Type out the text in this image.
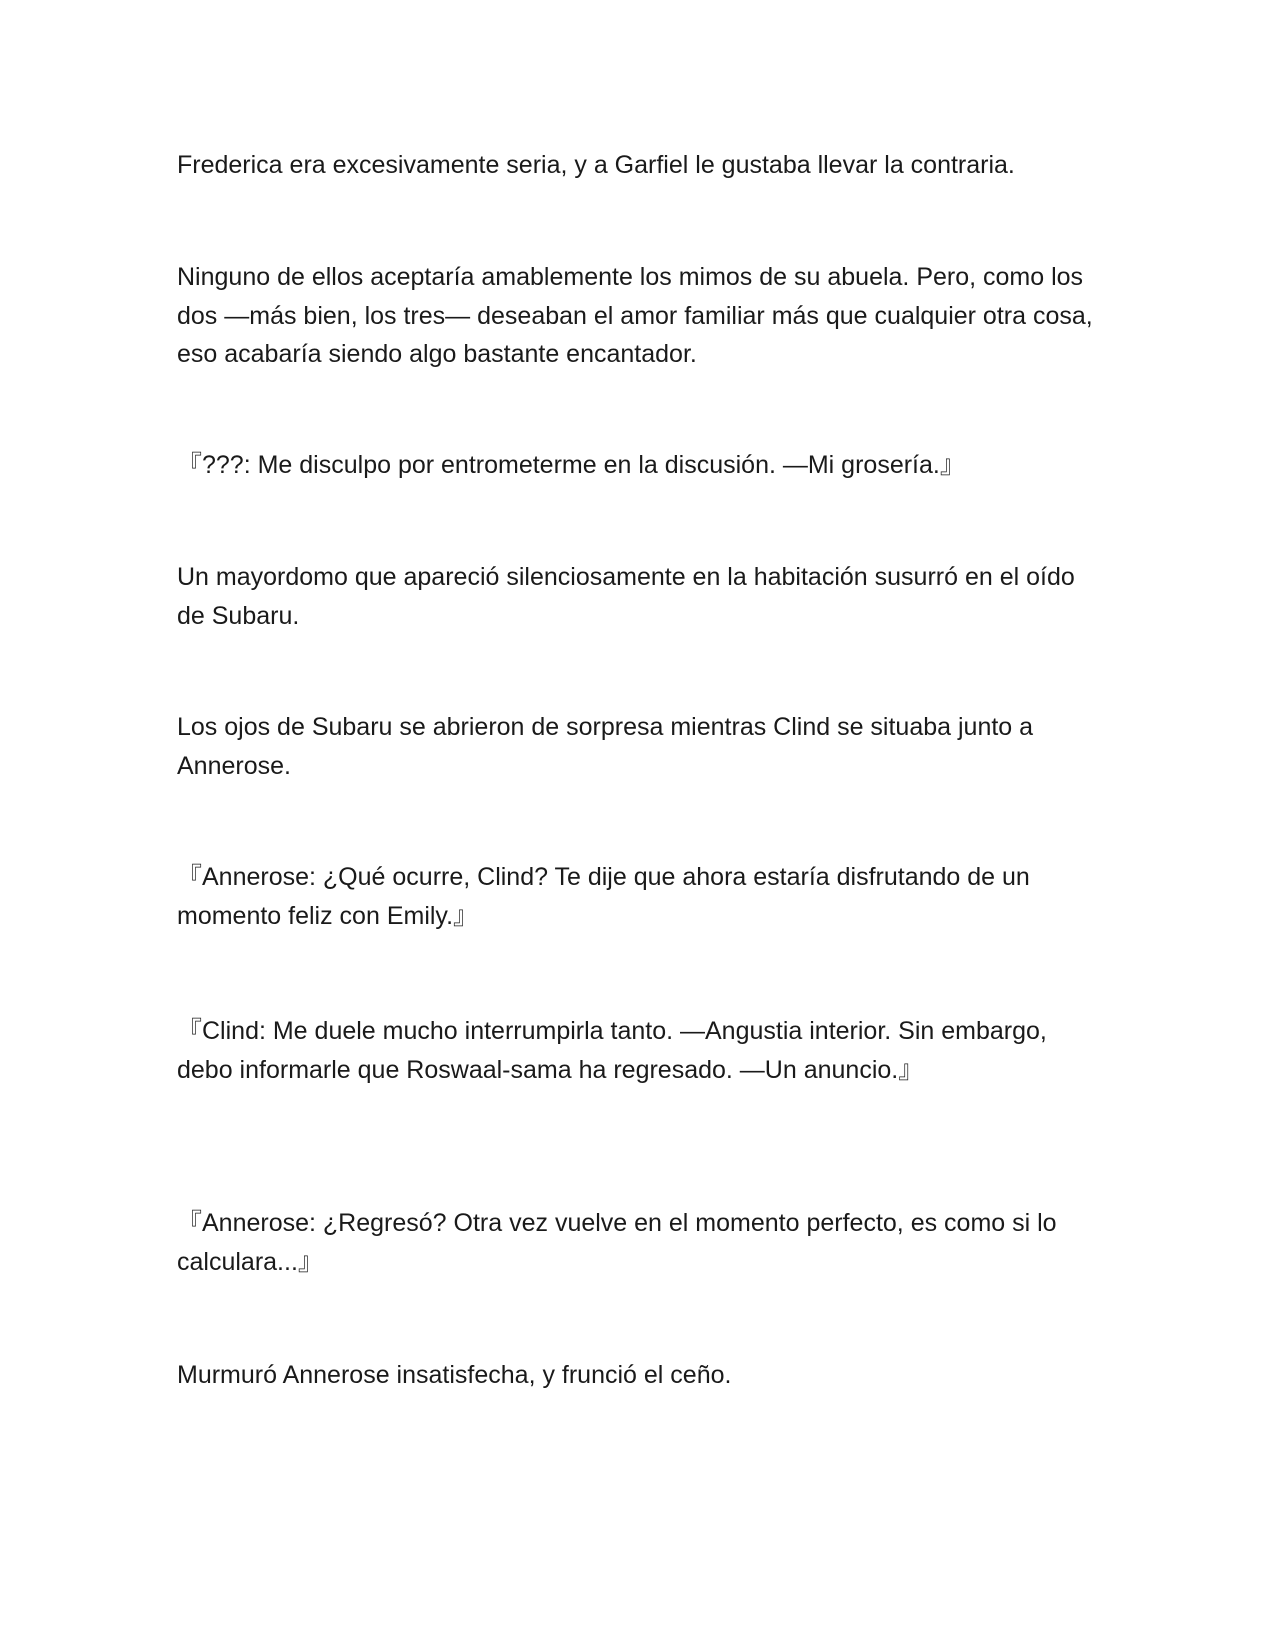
Frederica era excesivamente seria, y a Garfiel le gustaba llevar la contraria.

Ninguno de ellos aceptaría amablemente los mimos de su abuela. Pero, como los dos —más bien, los tres— deseaban el amor familiar más que cualquier otra cosa, eso acabaría siendo algo bastante encantador.

『???: Me disculpo por entrometerme en la discusión. —Mi grosería.』

Un mayordomo que apareció silenciosamente en la habitación susurró en el oído de Subaru.

Los ojos de Subaru se abrieron de sorpresa mientras Clind se situaba junto a Annerose.

『Annerose: ¿Qué ocurre, Clind? Te dije que ahora estaría disfrutando de un momento feliz con Emily.』

『Clind: Me duele mucho interrumpirla tanto. —Angustia interior. Sin embargo, debo informarle que Roswaal-sama ha regresado. —Un anuncio.』

『Annerose: ¿Regresó? Otra vez vuelve en el momento perfecto, es como si lo calculara...』

Murmuró Annerose insatisfecha, y frunció el ceño.
